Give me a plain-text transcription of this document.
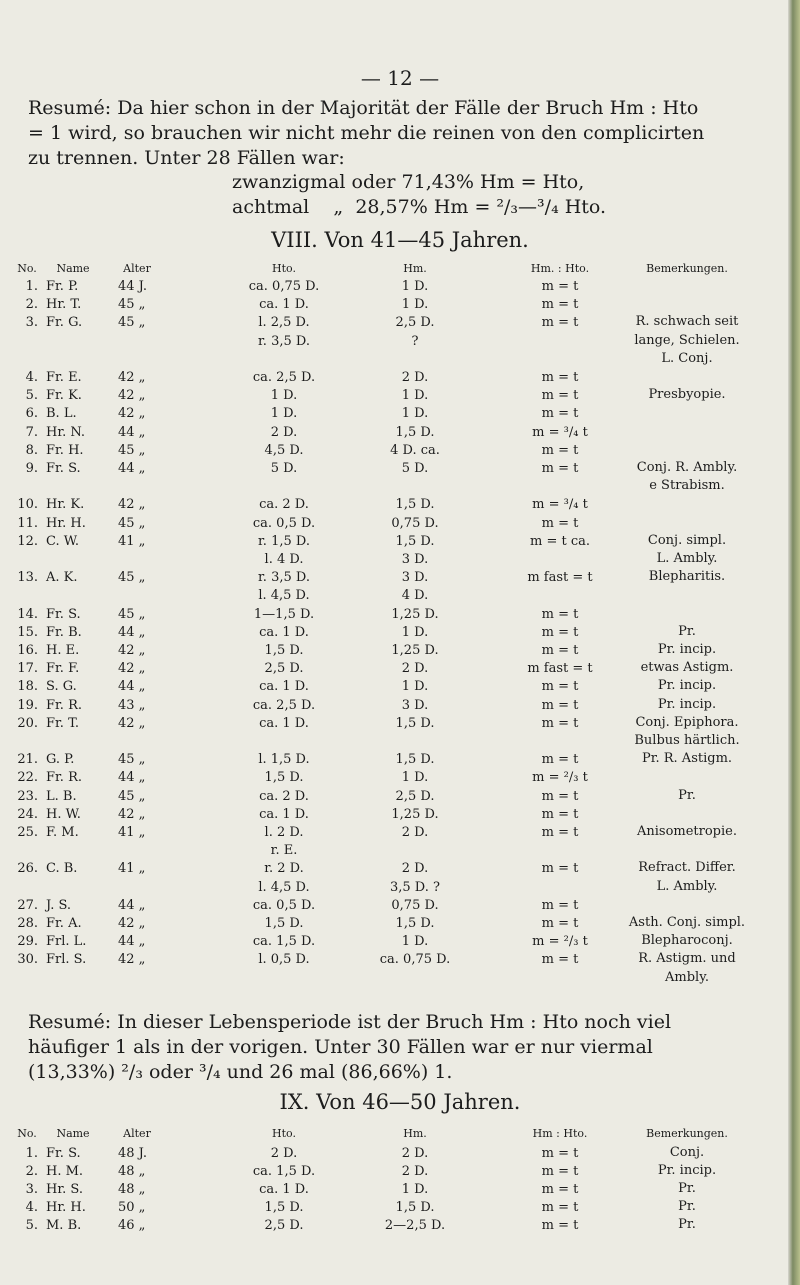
— 12 —
Resumé: Da hier schon in der Majorität der Fälle der Bruch Hm : Hto
= 1 wird, so brauchen wir nicht mehr die reinen von den complicirten
zu trennen. Unter 28 Fällen war:
zwanzigmal oder 71,43% Hm = Hto,
achtmal    „  28,57% Hm = ²/₃—³/₄ Hto.
VIII. Von 41—45 Jahren.
No.	Name	Alter	Hto.	Hm.	Hm. : Hto.	Bemerkungen.
1. Fr. P.	44 J.	ca. 0,75 D.	1 D.	m = t
2. Hr. T.	45 „	ca. 1 D.	1 D.	m = t
3. Fr. G.	45 „	l. 2,5 D.	2,5 D.	m = t	R. schwach seit
r. 3,5 D.	?	lange, Schielen.
L. Conj.
4. Fr. E.	42 „	ca. 2,5 D.	2 D.	m = t
5. Fr. K.	42 „	1 D.	1 D.	m = t	Presbyopie.
6. B. L.	42 „	1 D.	1 D.	m = t
7. Hr. N.	44 „	2 D.	1,5 D.	m = ³/₄ t
8. Fr. H.	45 „	4,5 D.	4 D. ca.	m = t
9. Fr. S.	44 „	5 D.	5 D.	m = t	Conj. R. Ambly.
e Strabism.
10. Hr. K.	42 „	ca. 2 D.	1,5 D.	m = ³/₄ t
11. Hr. H.	45 „	ca. 0,5 D.	0,75 D.	m = t
12. C. W.	41 „	r. 1,5 D.	1,5 D.	m = t ca.	Conj. simpl.
l. 4 D.	3 D.	L. Ambly.
13. A. K.	45 „	r. 3,5 D.	3 D.	m fast = t	Blepharitis.
l. 4,5 D.	4 D.
14. Fr. S.	45 „	1—1,5 D.	1,25 D.	m = t
15. Fr. B.	44 „	ca. 1 D.	1 D.	m = t	Pr.
16. H. E.	42 „	1,5 D.	1,25 D.	m = t	Pr. incip.
17. Fr. F.	42 „	2,5 D.	2 D.	m fast = t	etwas Astigm.
18. S. G.	44 „	ca. 1 D.	1 D.	m = t	Pr. incip.
19. Fr. R.	43 „	ca. 2,5 D.	3 D.	m = t	Pr. incip.
20. Fr. T.	42 „	ca. 1 D.	1,5 D.	m = t	Conj. Epiphora.
Bulbus härtlich.
21. G. P.	45 „	l. 1,5 D.	1,5 D.	m = t	Pr. R. Astigm.
22. Fr. R.	44 „	1,5 D.	1 D.	m = ²/₃ t
23. L. B.	45 „	ca. 2 D.	2,5 D.	m = t	Pr.
24. H. W.	42 „	ca. 1 D.	1,25 D.	m = t
25. F. M.	41 „	l. 2 D.	2 D.	m = t	Anisometropie.
r. E.
26. C. B.	41 „	r. 2 D.	2 D.	m = t	Refract. Differ.
l. 4,5 D.	3,5 D. ?	L. Ambly.
27. J. S.	44 „	ca. 0,5 D.	0,75 D.	m = t
28. Fr. A.	42 „	1,5 D.	1,5 D.	m = t	Asth. Conj. simpl.
29. Frl. L.	44 „	ca. 1,5 D.	1 D.	m = ²/₃ t	Blepharoconj.
30. Frl. S.	42 „	l. 0,5 D.	ca. 0,75 D.	m = t	R. Astigm. und
Ambly.
Resumé: In dieser Lebensperiode ist der Bruch Hm : Hto noch viel
häufiger 1 als in der vorigen. Unter 30 Fällen war er nur viermal
(13,33%) ²/₃ oder ³/₄ und 26 mal (86,66%) 1.
IX. Von 46—50 Jahren.
No.	Name	Alter	Hto.	Hm.	Hm : Hto.	Bemerkungen.
1. Fr. S.	48 J.	2 D.	2 D.	m = t	Conj.
2. H. M.	48 „	ca. 1,5 D.	2 D.	m = t	Pr. incip.
3. Hr. S.	48 „	ca. 1 D.	1 D.	m = t	Pr.
4. Hr. H.	50 „	1,5 D.	1,5 D.	m = t	Pr.
5. M. B.	46 „	2,5 D.	2—2,5 D.	m = t	Pr.
